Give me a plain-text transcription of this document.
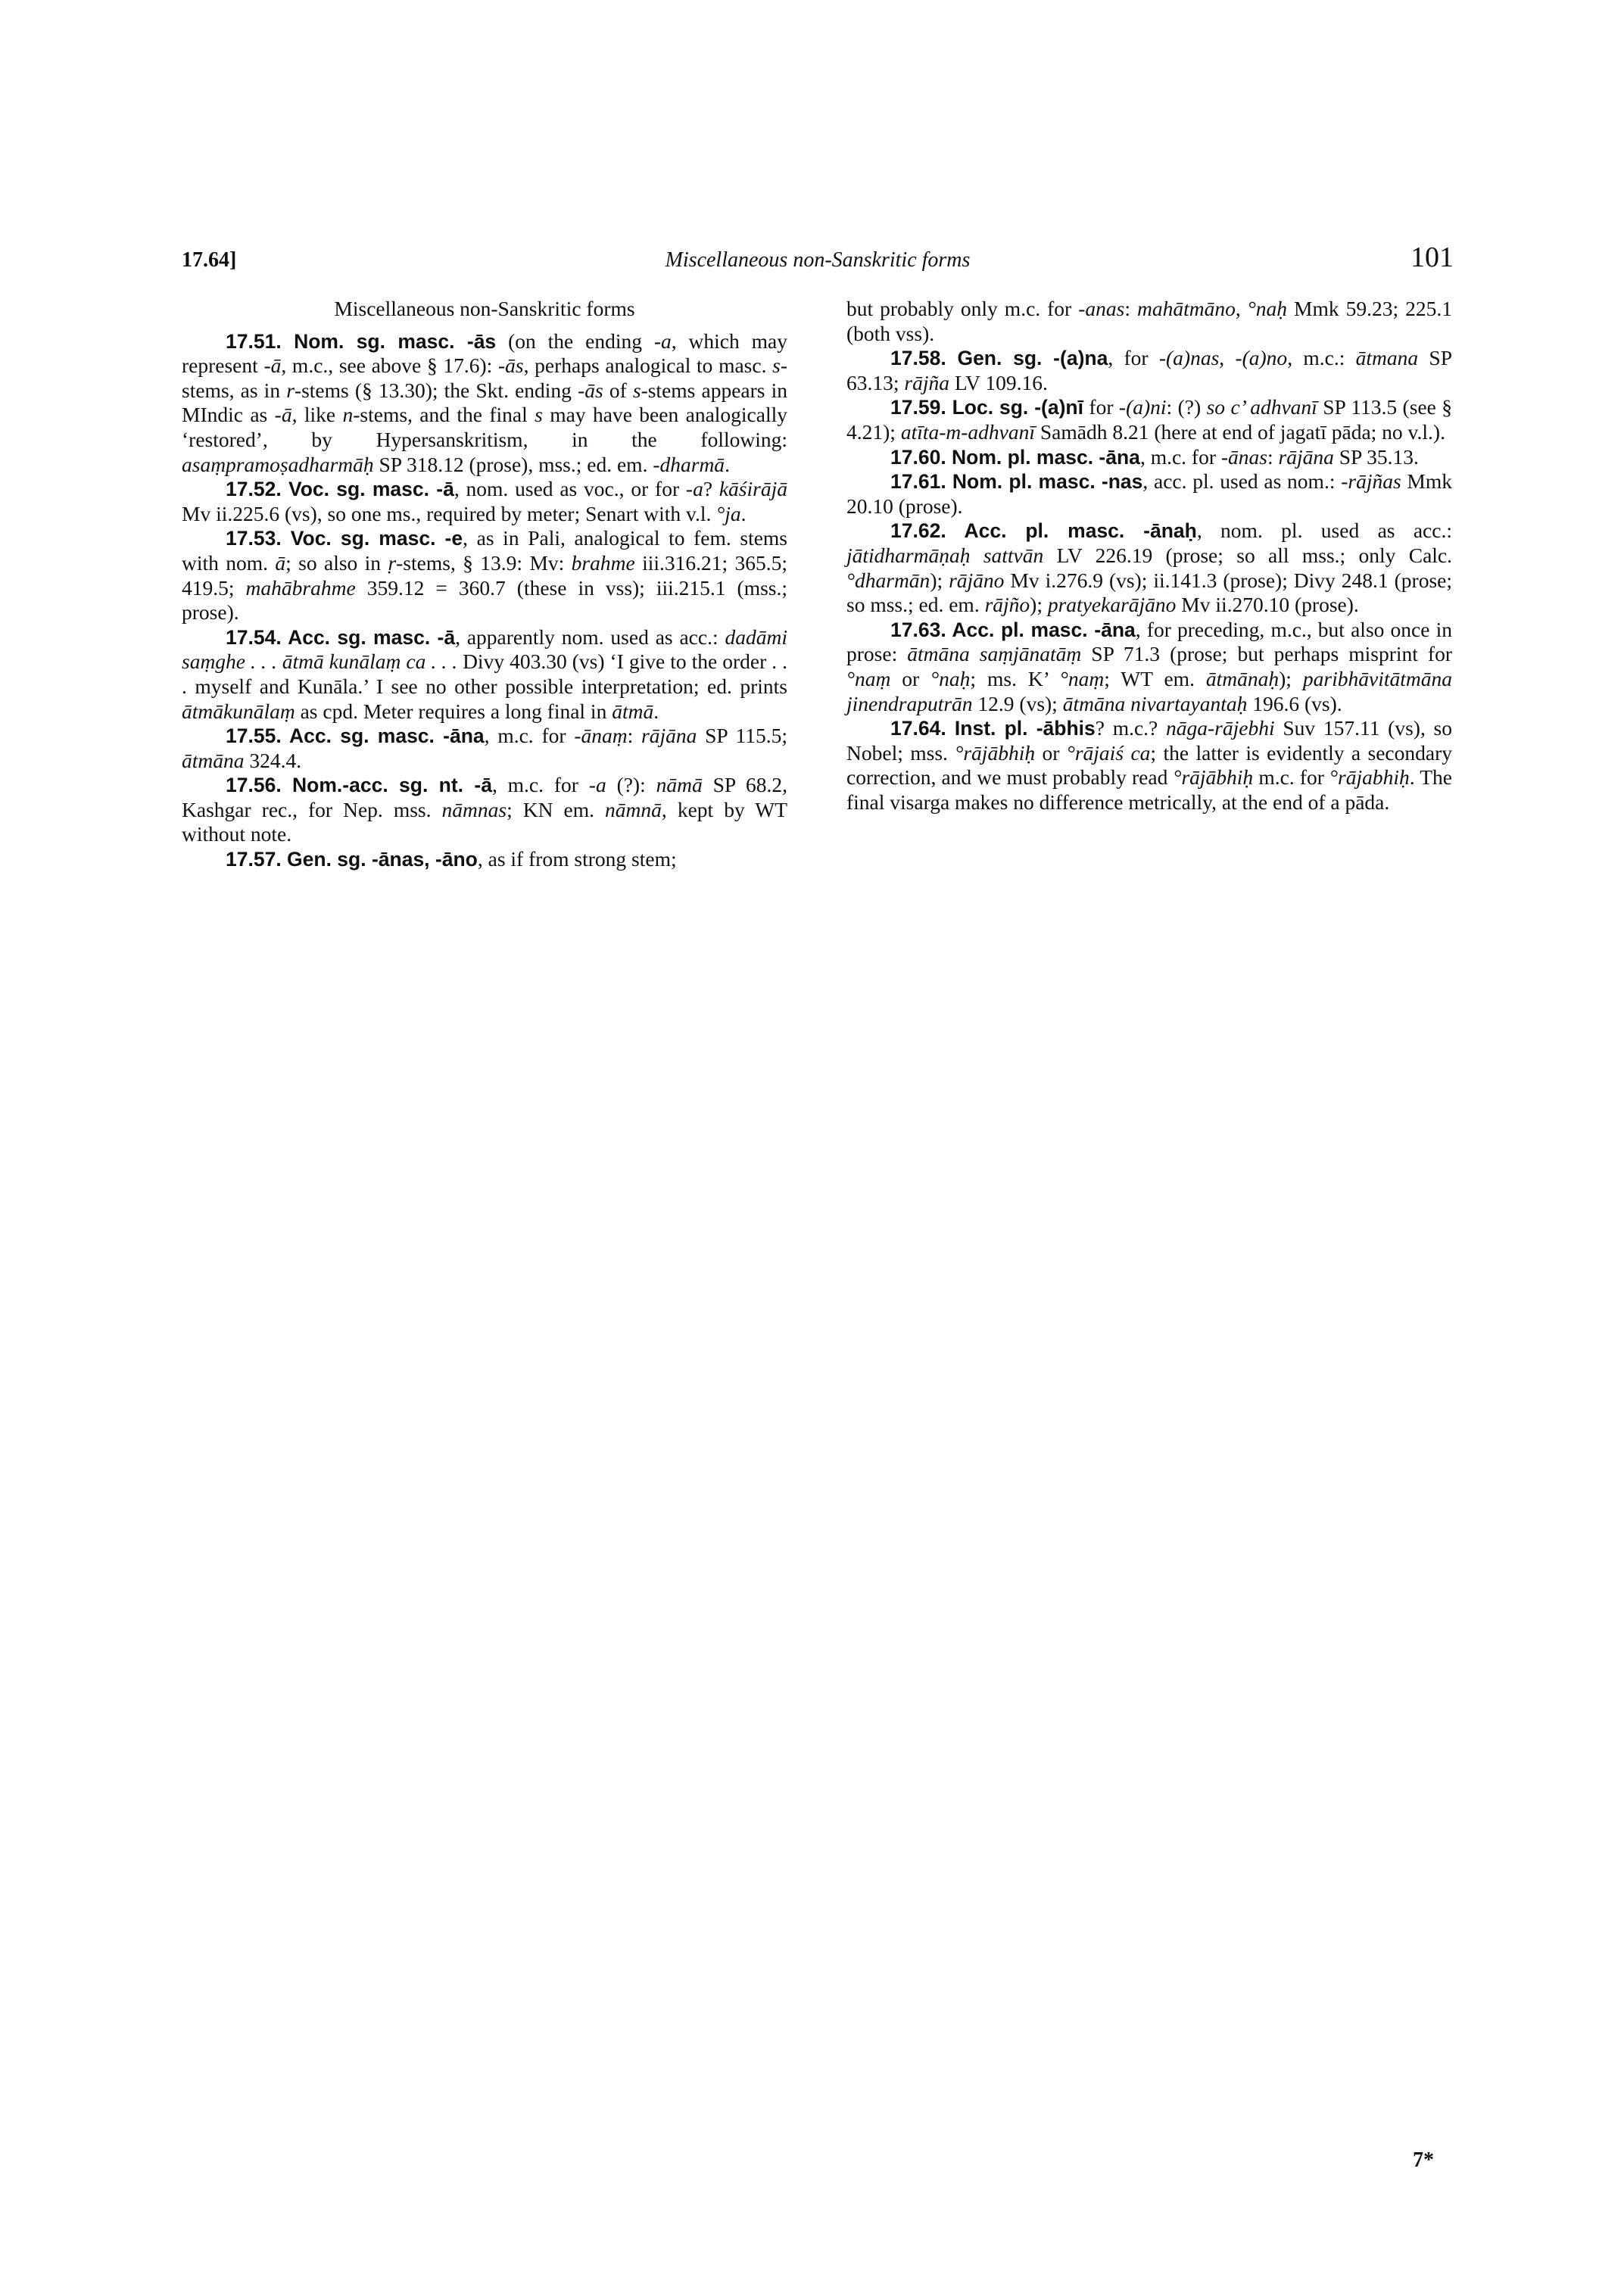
17.64]	Miscellaneous non-Sanskritic forms	101
Miscellaneous non-Sanskritic forms

17.51. Nom. sg. masc. -ās (on the ending -a, which may represent -ā, m.c., see above § 17.6): -ās, perhaps analogical to masc. s-stems, as in r-stems (§ 13.30); the Skt. ending -ās of s-stems appears in MIndic as -ā, like n-stems, and the final s may have been analogically ‘restored’, by Hypersanskritism, in the following: asaṃpramoṣadharmāḥ SP 318.12 (prose), mss.; ed. em. -dharmā.

17.52. Voc. sg. masc. -ā, nom. used as voc., or for -a? kāśirājā Mv ii.225.6 (vs), so one ms., required by meter; Senart with v.l. °ja.

17.53. Voc. sg. masc. -e, as in Pali, analogical to fem. stems with nom. ā; so also in ṛ-stems, § 13.9: Mv: brahme iii.316.21; 365.5; 419.5; mahābrahme 359.12 = 360.7 (these in vss); iii.215.1 (mss.; prose).

17.54. Acc. sg. masc. -ā, apparently nom. used as acc.: dadāmi saṃghe . . . ātmā kunālaṃ ca . . . Divy 403.30 (vs) ‘I give to the order . . . myself and Kunāla.’ I see no other possible interpretation; ed. prints ātmākunālaṃ as cpd. Meter requires a long final in ātmā.

17.55. Acc. sg. masc. -āna, m.c. for -ānaṃ: rājāna SP 115.5; ātmāna 324.4.

17.56. Nom.-acc. sg. nt. -ā, m.c. for -a (?): nāmā SP 68.2, Kashgar rec., for Nep. mss. nāmnas; KN em. nāmnā, kept by WT without note.

17.57. Gen. sg. -ānas, -āno, as if from strong stem;

but probably only m.c. for -anas: mahātmāno, °naḥ Mmk 59.23; 225.1 (both vss).

17.58. Gen. sg. -(a)na, for -(a)nas, -(a)no, m.c.: ātmana SP 63.13; rājña LV 109.16.

17.59. Loc. sg. -(a)nī for -(a)ni: (?) so c’ adhvanī SP 113.5 (see § 4.21); atīta-m-adhvanī Samādh 8.21 (here at end of jagatī pāda; no v.l.).

17.60. Nom. pl. masc. -āna, m.c. for -ānas: rājāna SP 35.13.

17.61. Nom. pl. masc. -nas, acc. pl. used as nom.: -rājñas Mmk 20.10 (prose).

17.62. Acc. pl. masc. -ānaḥ, nom. pl. used as acc.: jātidharmāṇaḥ sattvān LV 226.19 (prose; so all mss.; only Calc. °dharmān); rājāno Mv i.276.9 (vs); ii.141.3 (prose); Divy 248.1 (prose; so mss.; ed. em. rājño); pratyekarājāno Mv ii.270.10 (prose).

17.63. Acc. pl. masc. -āna, for preceding, m.c., but also once in prose: ātmāna saṃjānatāṃ SP 71.3 (prose; but perhaps misprint for °naṃ or °naḥ; ms. K’ °naṃ; WT em. ātmānaḥ); paribhāvitātmāna jinendraputrān 12.9 (vs); ātmāna nivartayantaḥ 196.6 (vs).

17.64. Inst. pl. -ābhis? m.c.? nāga-rājebhi Suv 157.11 (vs), so Nobel; mss. °rājābhiḥ or °rājaiś ca; the latter is evidently a secondary correction, and we must probably read °rājābhiḥ m.c. for °rājabhiḥ. The final visarga makes no difference metrically, at the end of a pāda.

7*
